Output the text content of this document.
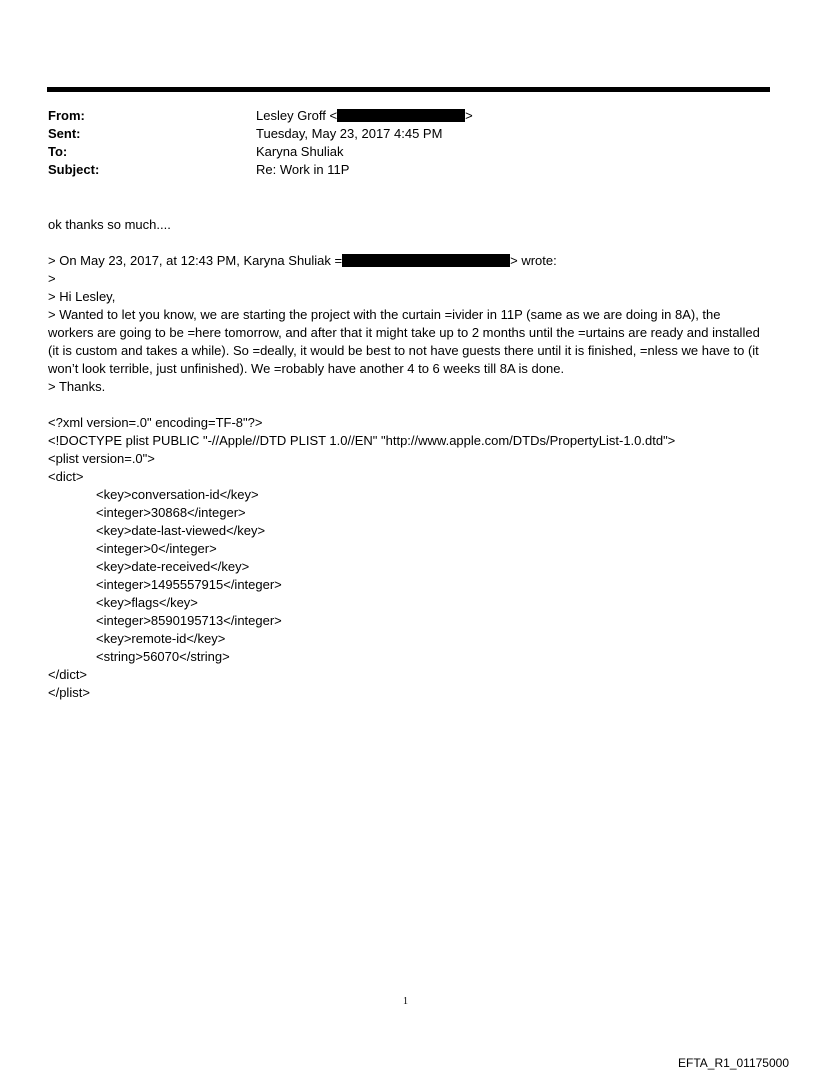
From:	Lesley Groff <	>
Sent:	Tuesday, May 23, 2017 4:45 PM
To:	Karyna Shuliak
Subject:	Re: Work in 11P

ok thanks so much....

> On May 23, 2017, at 12:43 PM, Karyna Shuliak =	> wrote:

>

> Hi Lesley,

> Wanted to let you know, we are starting the project with the curtain =ivider in 11P (same as we are doing in 8A), the workers are going to be =here tomorrow, and after that it might take up to 2 months until the =urtains are ready and installed (it is custom and takes a while). So =deally, it would be best to not have guests there until it is finished, =nless we have to (it won’t look terrible, just unfinished). We =robably have another 4 to 6 weeks till 8A is done.

> Thanks.

<?xml version=.0" encoding=TF-8"?>

<!DOCTYPE plist PUBLIC "-//Apple//DTD PLIST 1.0//EN" "http://www.apple.com/DTDs/PropertyList-1.0.dtd">

<plist version=.0">

<dict>

<key>conversation-id</key>

<integer>30868</integer>

<key>date-last-viewed</key>

<integer>0</integer>

<key>date-received</key>

<integer>1495557915</integer>

<key>flags</key>

<integer>8590195713</integer>

<key>remote-id</key>

<string>56070</string>

</dict>

</plist>

1
EFTA_R1_01175000
